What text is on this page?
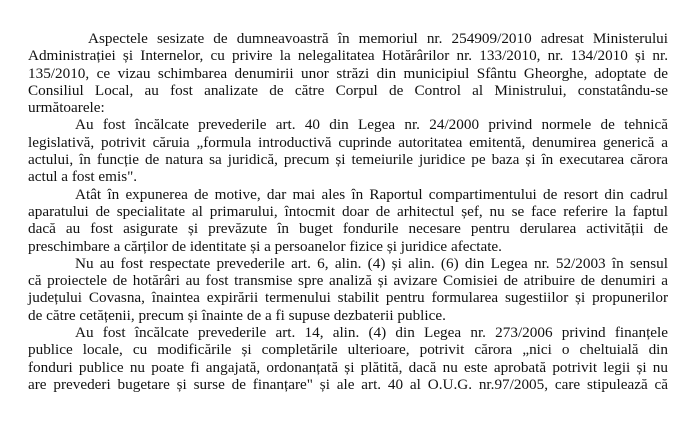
Aspectele sesizate de dumneavoastră în memoriul nr. 254909/2010 adresat Ministerului
Administrației și Internelor, cu privire la nelegalitatea Hotărârilor nr. 133/2010, nr. 134/2010 și nr.
135/2010, ce vizau schimbarea denumirii unor străzi din municipiul Sfântu Gheorghe, adoptate de
Consiliul Local, au fost analizate de către Corpul de Control al Ministrului, constatându-se
următoarele:
Au fost încălcate prevederile art. 40 din Legea nr. 24/2000 privind normele de tehnică
legislativă, potrivit căruia „formula introductivă cuprinde autoritatea emitentă, denumirea generică a
actului, în funcție de natura sa juridică, precum și temeiurile juridice pe baza și în executarea cărora
actul a fost emis".
Atât în expunerea de motive, dar mai ales în Raportul compartimentului de resort din cadrul
aparatului de specialitate al primarului, întocmit doar de arhitectul șef, nu se face referire la faptul
dacă au fost asigurate și prevăzute în buget fondurile necesare pentru derularea activității de
preschimbare a cărților de identitate și a persoanelor fizice și juridice afectate.
Nu au fost respectate prevederile art. 6, alin. (4) și alin. (6) din Legea nr. 52/2003 în sensul
că proiectele de hotărâri au fost transmise spre analiză și avizare Comisiei de atribuire de denumiri a
județului Covasna, înaintea expirării termenului stabilit pentru formularea sugestiilor și propunerilor
de către cetățenii, precum și înainte de a fi supuse dezbaterii publice.
Au fost încălcate prevederile art. 14, alin. (4) din Legea nr. 273/2006 privind finanțele
publice locale, cu modificările și completările ulterioare, potrivit cărora „nici o cheltuială din
fonduri publice nu poate fi angajată, ordonanțată și plătită, dacă nu este aprobată potrivit legii și nu
are prevederi bugetare și surse de finanțare" și ale art. 40 al O.U.G. nr.97/2005, care stipulează că
